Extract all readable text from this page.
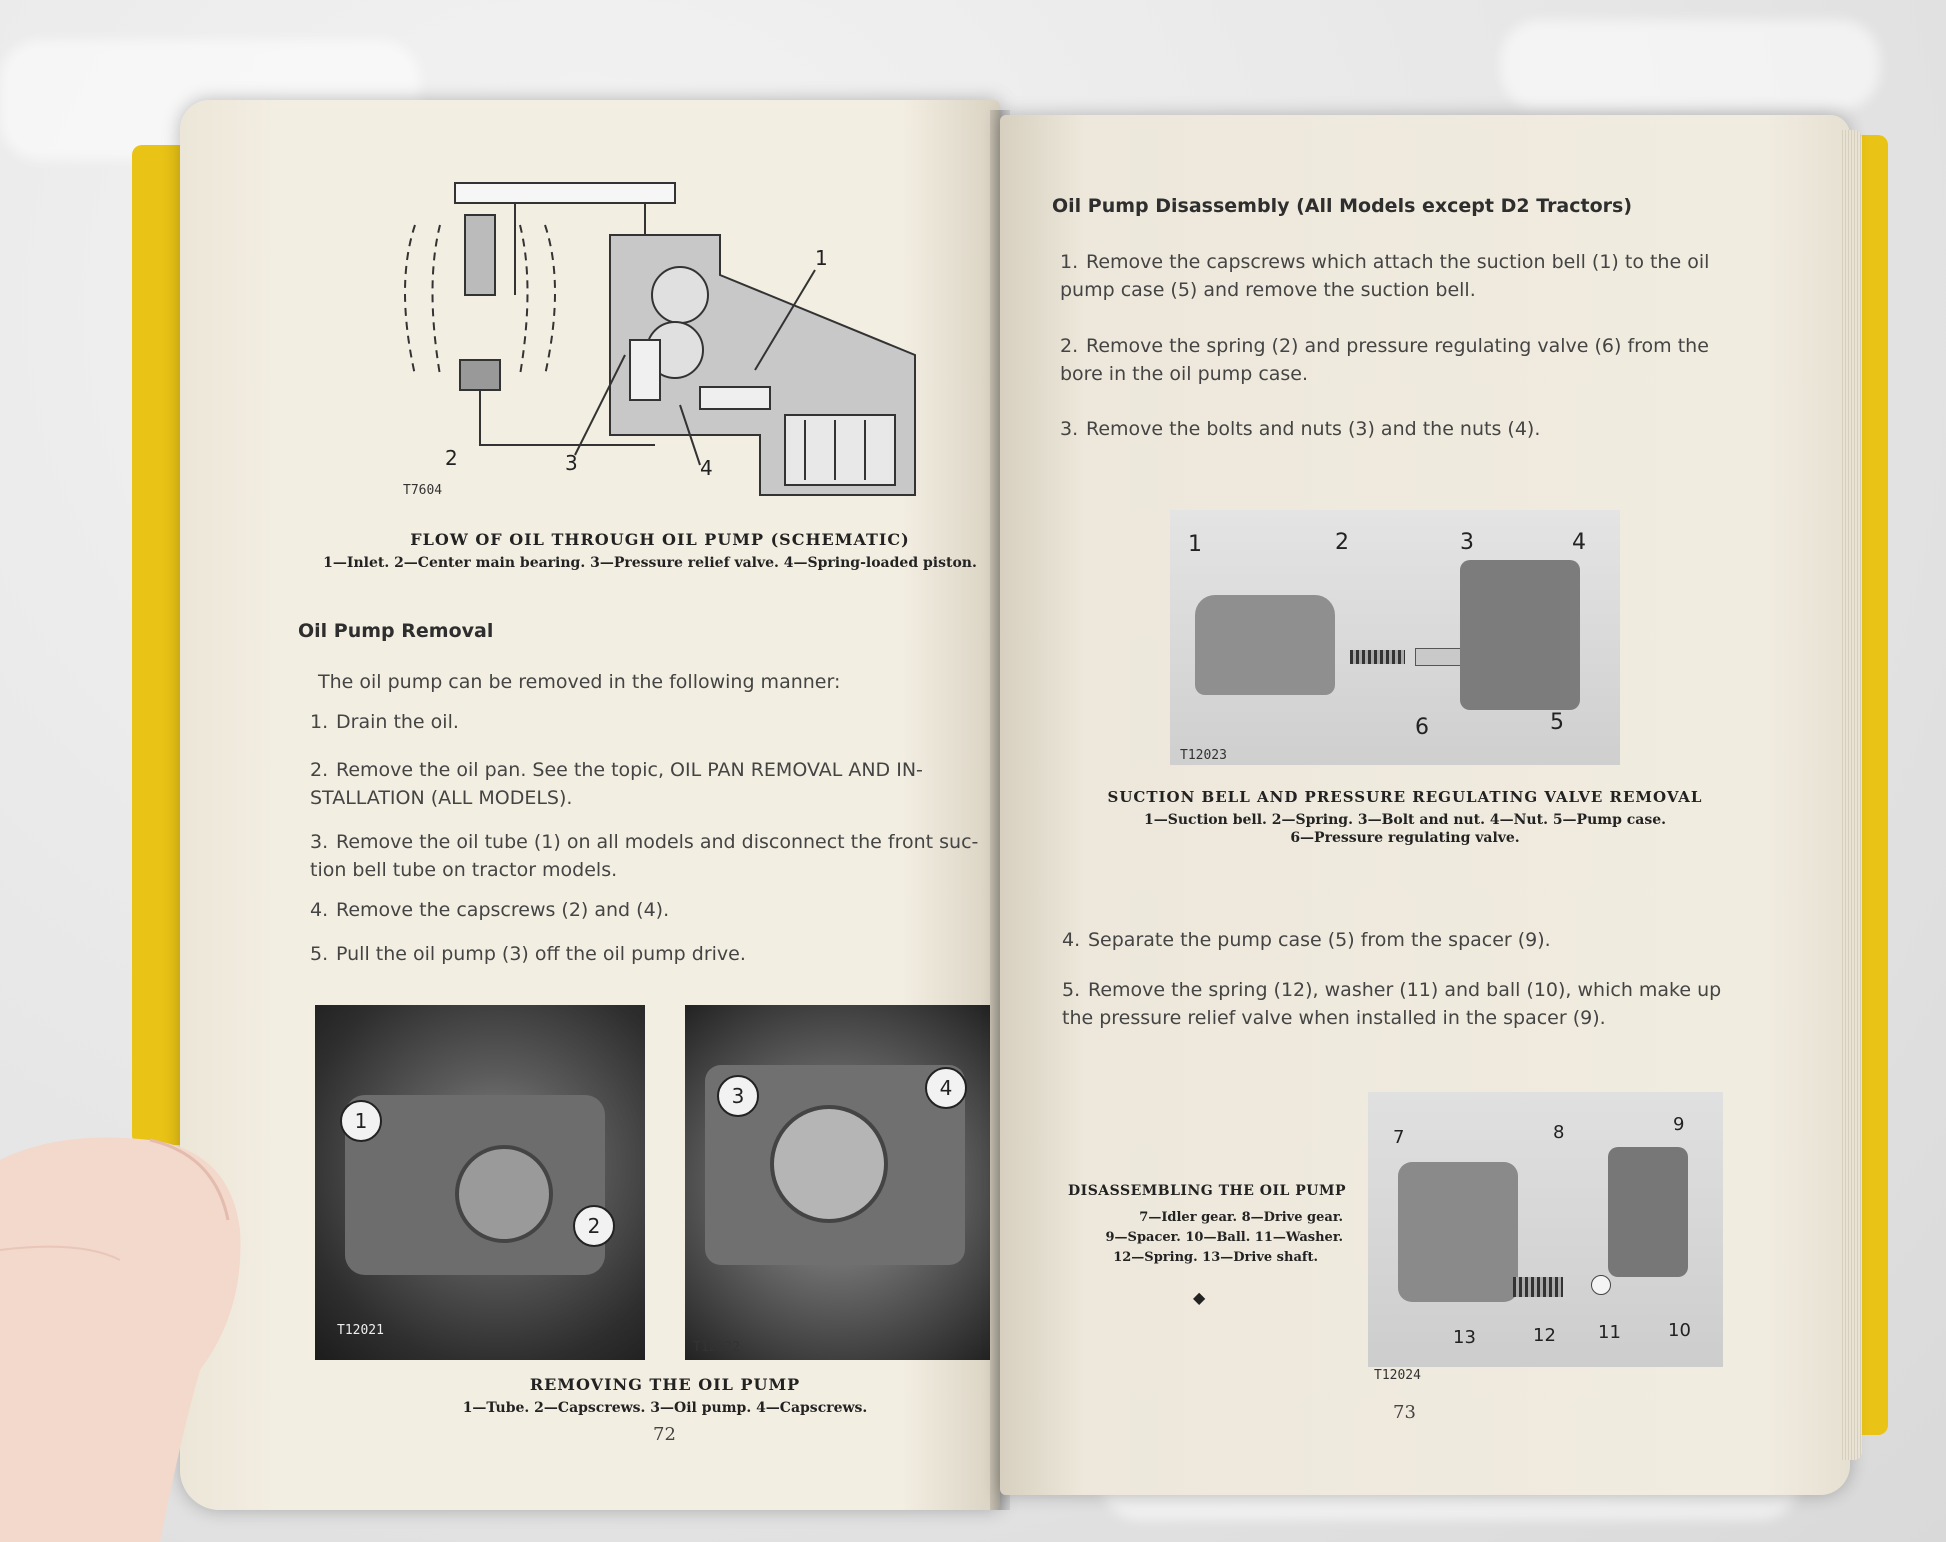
1
2	3	4
T7604
FLOW OF OIL THROUGH OIL PUMP (SCHEMATIC)
1—Inlet. 2—Center main bearing. 3—Pressure relief valve. 4—Spring-loaded piston.
Oil Pump Removal
The oil pump can be removed in the following manner:
1. Drain the oil.
2. Remove the oil pan. See the topic, OIL PAN REMOVAL AND IN-STALLATION (ALL MODELS).
3. Remove the oil tube (1) on all models and disconnect the front suc-tion bell tube on tractor models.
4. Remove the capscrews (2) and (4).
5. Pull the oil pump (3) off the oil pump drive.
1
2
T12021
3	4
T12022
REMOVING THE OIL PUMP
1—Tube. 2—Capscrews. 3—Oil pump. 4—Capscrews.
72
Oil Pump Disassembly (All Models except D2 Tractors)
1. Remove the capscrews which attach the suction bell (1) to the oil pump case (5) and remove the suction bell.
2. Remove the spring (2) and pressure regulating valve (6) from the bore in the oil pump case.
3. Remove the bolts and nuts (3) and the nuts (4).
1	2	3	4
6	5
T12023
SUCTION BELL AND PRESSURE REGULATING VALVE REMOVAL
1—Suction bell. 2—Spring. 3—Bolt and nut. 4—Nut. 5—Pump case.
6—Pressure regulating valve.
4. Separate the pump case (5) from the spacer (9).
5. Remove the spring (12), washer (11) and ball (10), which make up the pressure relief valve when installed in the spacer (9).
DISASSEMBLING THE OIL PUMP
7—Idler gear. 8—Drive gear.
9—Spacer. 10—Ball. 11—Washer.
12—Spring. 13—Drive shaft.
◆
7	8	9
13	12 11	10
T12024
73
